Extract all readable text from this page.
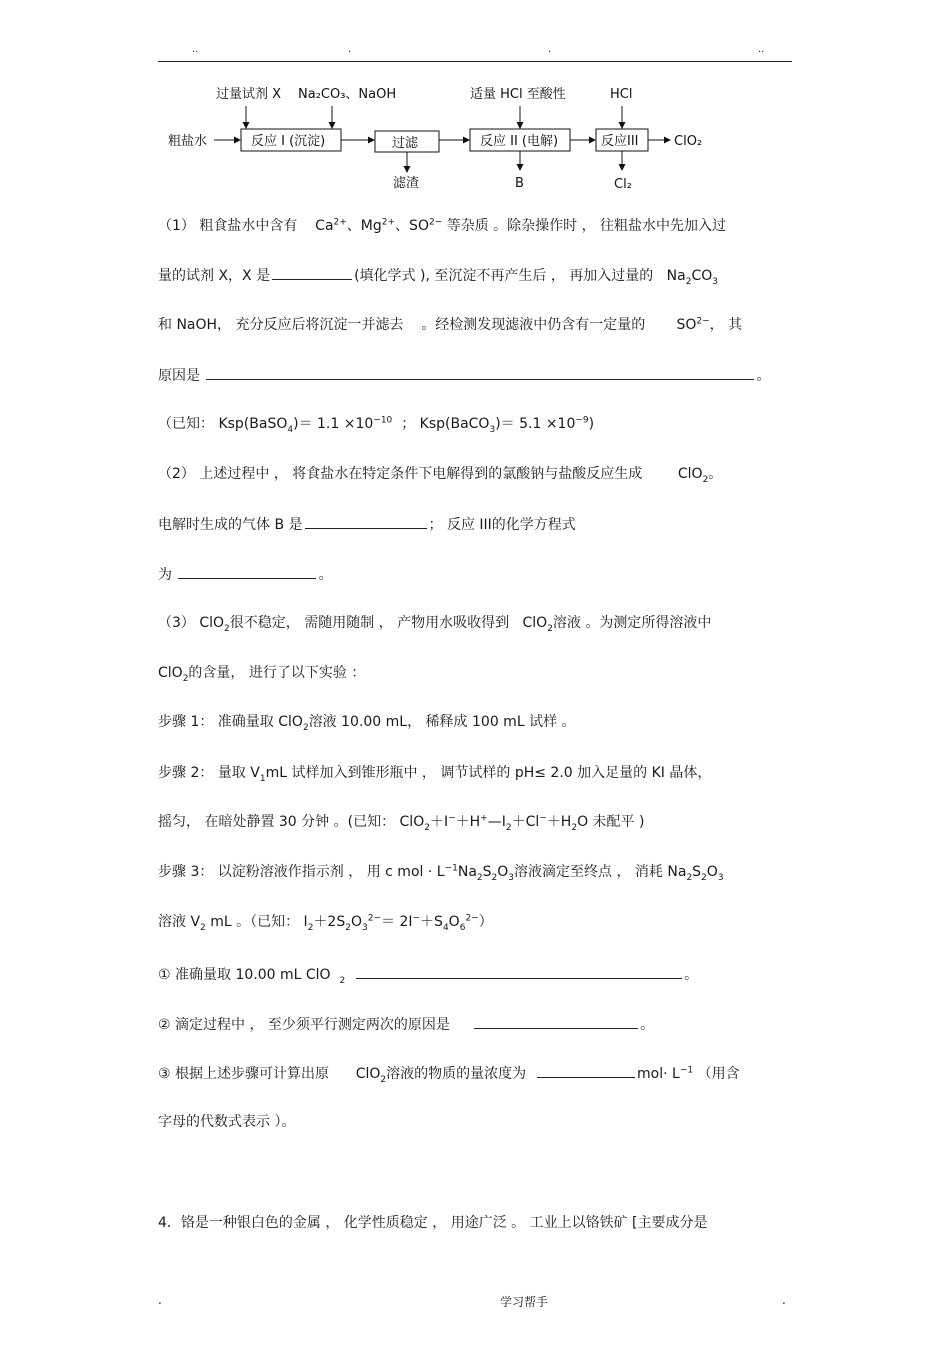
..	.	.	..
过量试剂 X Na₂CO₃、NaOH
粗盐水	反应 I (沉淀)	过滤
滤渣
适量 HCl 至酸性
反应 II (电解)
B
HCl
反应III	ClO₂
Cl₂
（1） 粗食盐水中含有 $Ca^{2+}$、$Mg^{2+}$、$SO^{2-}$ 等杂质 。除杂操作时 ， 往粗盐水中先加入过
量的试剂 X，X 是	(填化学式 ), 至沉淀不再产生后 ， 再加入过量的 $Na_2CO_3$
和 NaOH， 充分反应后将沉淀一并滤去 。经检测发现滤液中仍含有一定量的 $SO^{2-}$， 其
原因是	。
（已知： Ksp(BaSO$_4$)＝ $1.1 \times 10^{-10}$ ； Ksp(BaCO$_3$)＝ $5.1 \times 10^{-9}$)
（2） 上述过程中 ， 将食盐水在特定条件下电解得到的氯酸钠与盐酸反应生成	ClO$_2$。
电解时生成的气体 B 是	； 反应 III的化学方程式
为	。
（3） ClO$_2$很不稳定， 需随用随制 ， 产物用水吸收得到 ClO$_2$溶液 。为测定所得溶液中
ClO$_2$的含量， 进行了以下实验 ：
步骤 1： 准确量取 ClO$_2$溶液 10.00 mL， 稀释成 100 mL 试样 。
步骤 2： 量取 $V_1mL$ 试样加入到锥形瓶中 ， 调节试样的 pH≤ 2.0 加入足量的 KI 晶体，
摇匀， 在暗处静置 30 分钟 。(已知： $ClO_2+I^-+H^+—I_2+Cl^-+H_2O$ 未配平 )
步骤 3： 以淀粉溶液作指示剂 ， 用 c mol · $L^{-1}Na_2S_2O_3$溶液滴定至终点 ， 消耗 $Na_2S_2O_3$
溶液 $V_2$ mL 。（已知： $I_2+2S_2O_3^{2-}= 2I^-+S_4O_6^{2-}$）
① 准确量取 10.00 mL ClO $_2$	。
② 滴定过程中 ， 至少须平行测定两次的原因是	。
③ 根据上述步骤可计算出原 ClO$_2$溶液的物质的量浓度为	$mol\cdot L^{-1}$ （用含
字母的代数式表示 ）。
4．铬是一种银白色的金属 ， 化学性质稳定 ， 用途广泛 。 工业上以铬铁矿 [主要成分是
.	学习帮手	.
